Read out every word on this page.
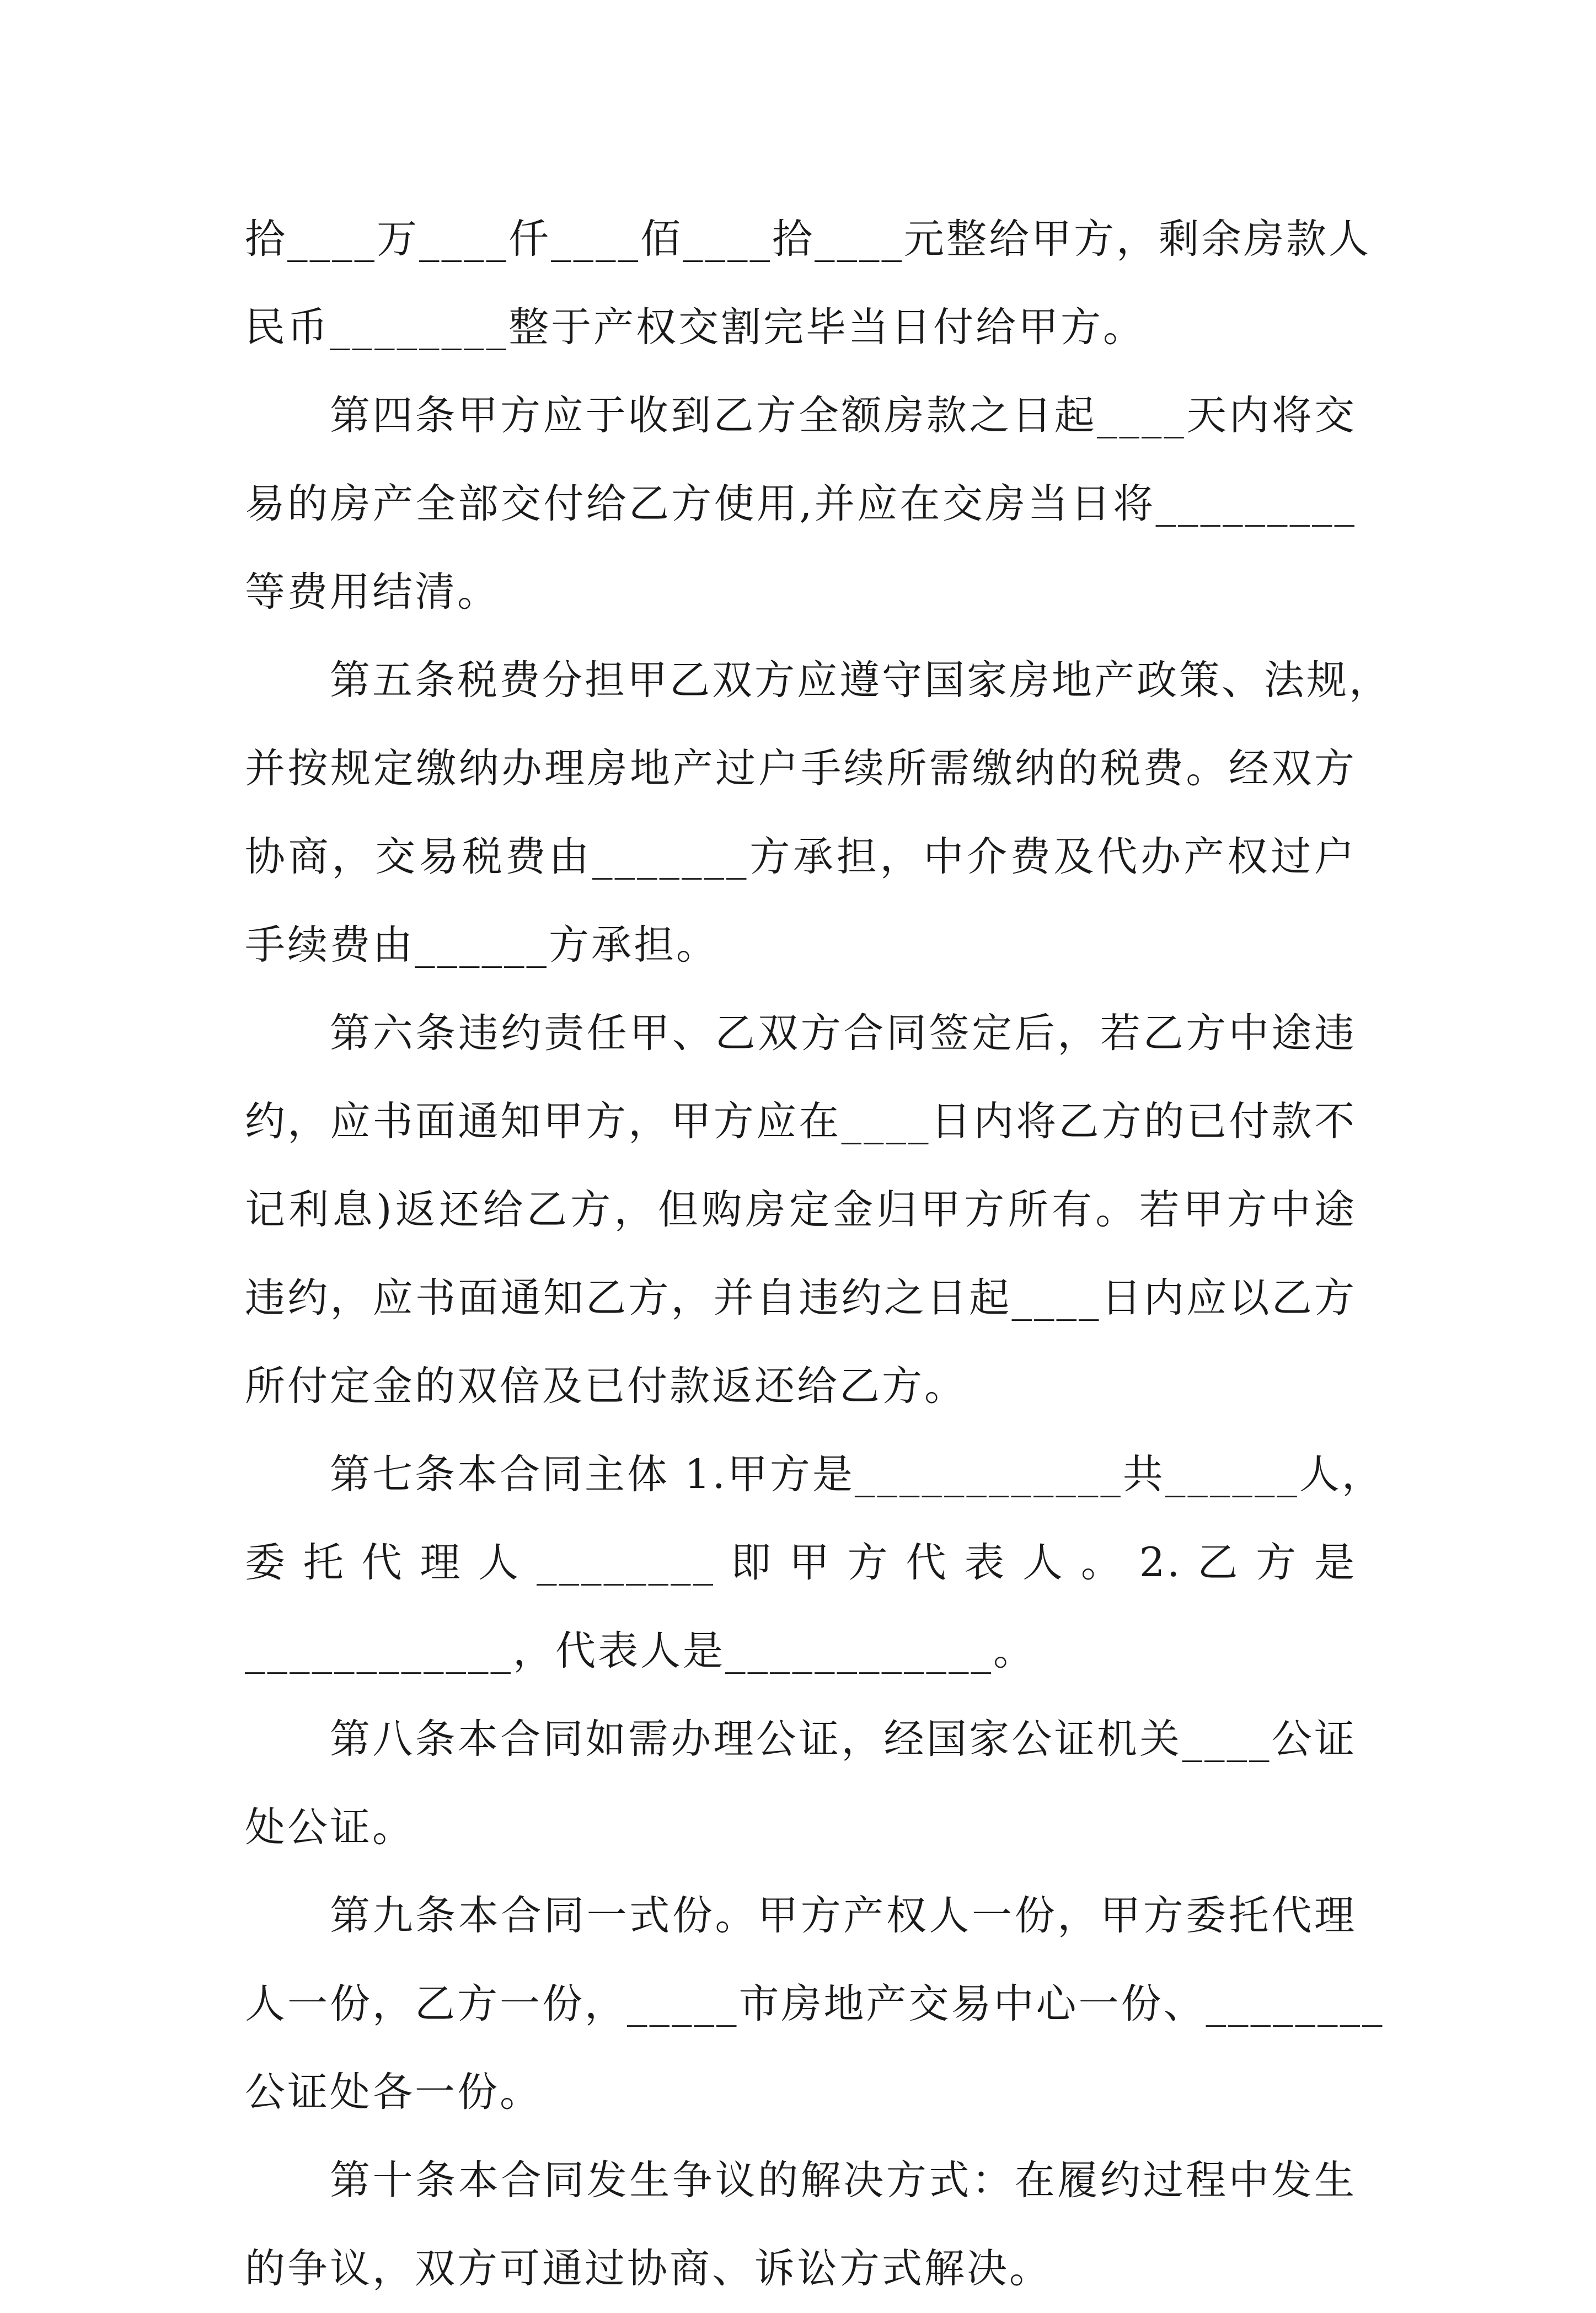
拾____万____仟____佰____拾____元整给甲方，剩余房款人
民币________整于产权交割完毕当日付给甲方。

第四条甲方应于收到乙方全额房款之日起____天内将交
易的房产全部交付给乙方使用,并应在交房当日将_________
等费用结清。

第五条税费分担甲乙双方应遵守国家房地产政策、法规，
并按规定缴纳办理房地产过户手续所需缴纳的税费。经双方
协商，交易税费由_______方承担，中介费及代办产权过户
手续费由______方承担。

第六条违约责任甲、乙双方合同签定后，若乙方中途违
约，应书面通知甲方，甲方应在____日内将乙方的已付款不
记利息)返还给乙方，但购房定金归甲方所有。若甲方中途
违约，应书面通知乙方，并自违约之日起____日内应以乙方
所付定金的双倍及已付款返还给乙方。

第七条本合同主体 1.甲方是____________共______人，
委 托 代 理 人 ________ 即 甲 方 代 表 人 。 2. 乙 方 是
____________，代表人是____________。

第八条本合同如需办理公证，经国家公证机关____公证
处公证。

第九条本合同一式份。甲方产权人一份，甲方委托代理
人一份，乙方一份，_____市房地产交易中心一份、________
公证处各一份。

第十条本合同发生争议的解决方式：在履约过程中发生
的争议，双方可通过协商、诉讼方式解决。
